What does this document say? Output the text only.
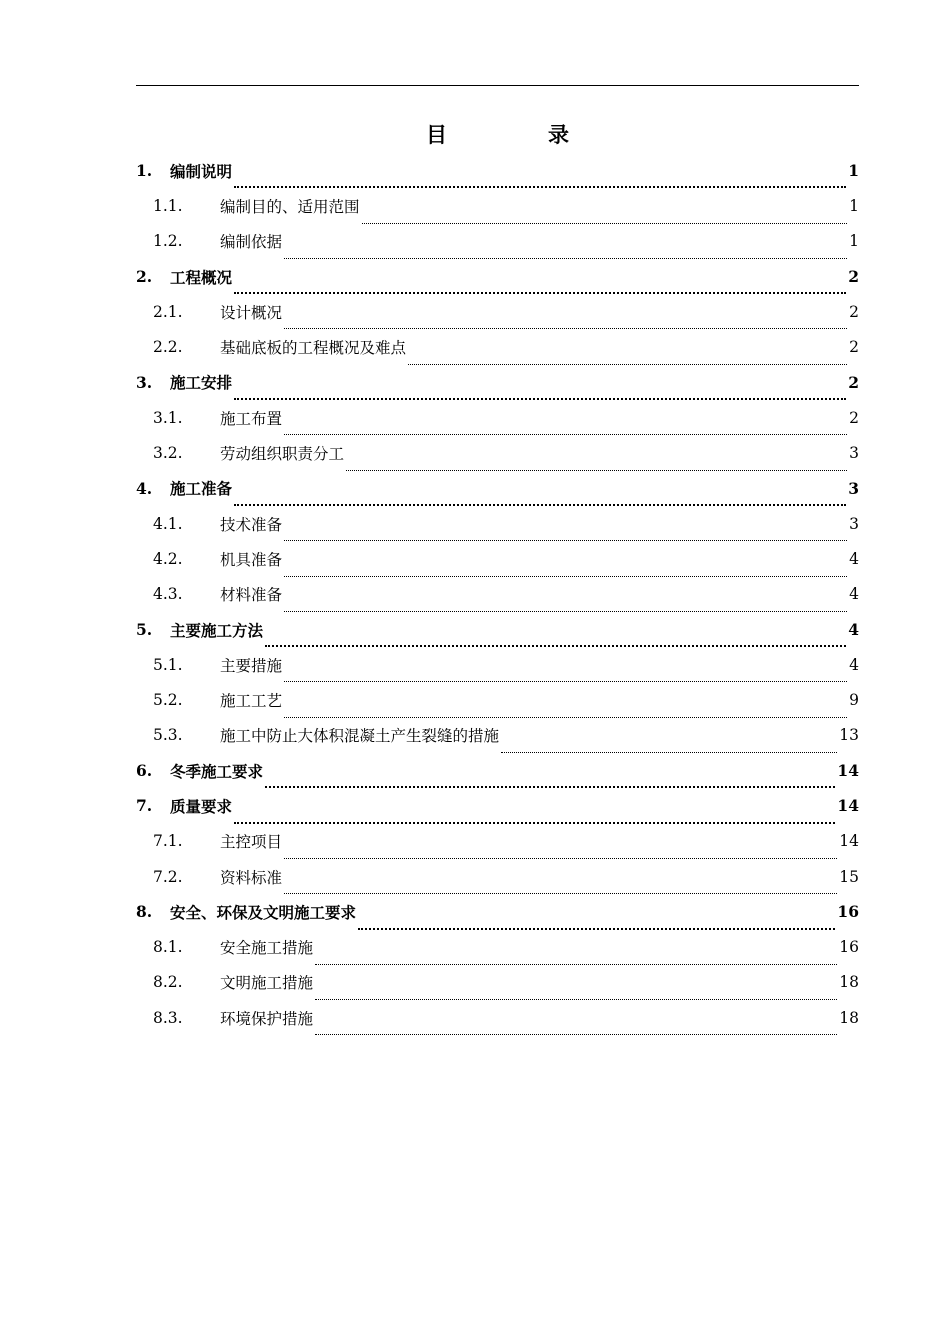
目　录
1.	编制说明	1
1.1.	编制目的、适用范围	1
1.2.	编制依据	1
2.	工程概况	2
2.1.	设计概况	2
2.2.	基础底板的工程概况及难点	2
3.	施工安排	2
3.1.	施工布置	2
3.2.	劳动组织职责分工	3
4.	施工准备	3
4.1.	技术准备	3
4.2.	机具准备	4
4.3.	材料准备	4
5.	主要施工方法	4
5.1.	主要措施	4
5.2.	施工工艺	9
5.3.	施工中防止大体积混凝土产生裂缝的措施	13
6.	冬季施工要求	14
7.	质量要求	14
7.1.	主控项目	14
7.2.	资料标准	15
8.	安全、环保及文明施工要求	16
8.1.	安全施工措施	16
8.2.	文明施工措施	18
8.3.	环境保护措施	18
